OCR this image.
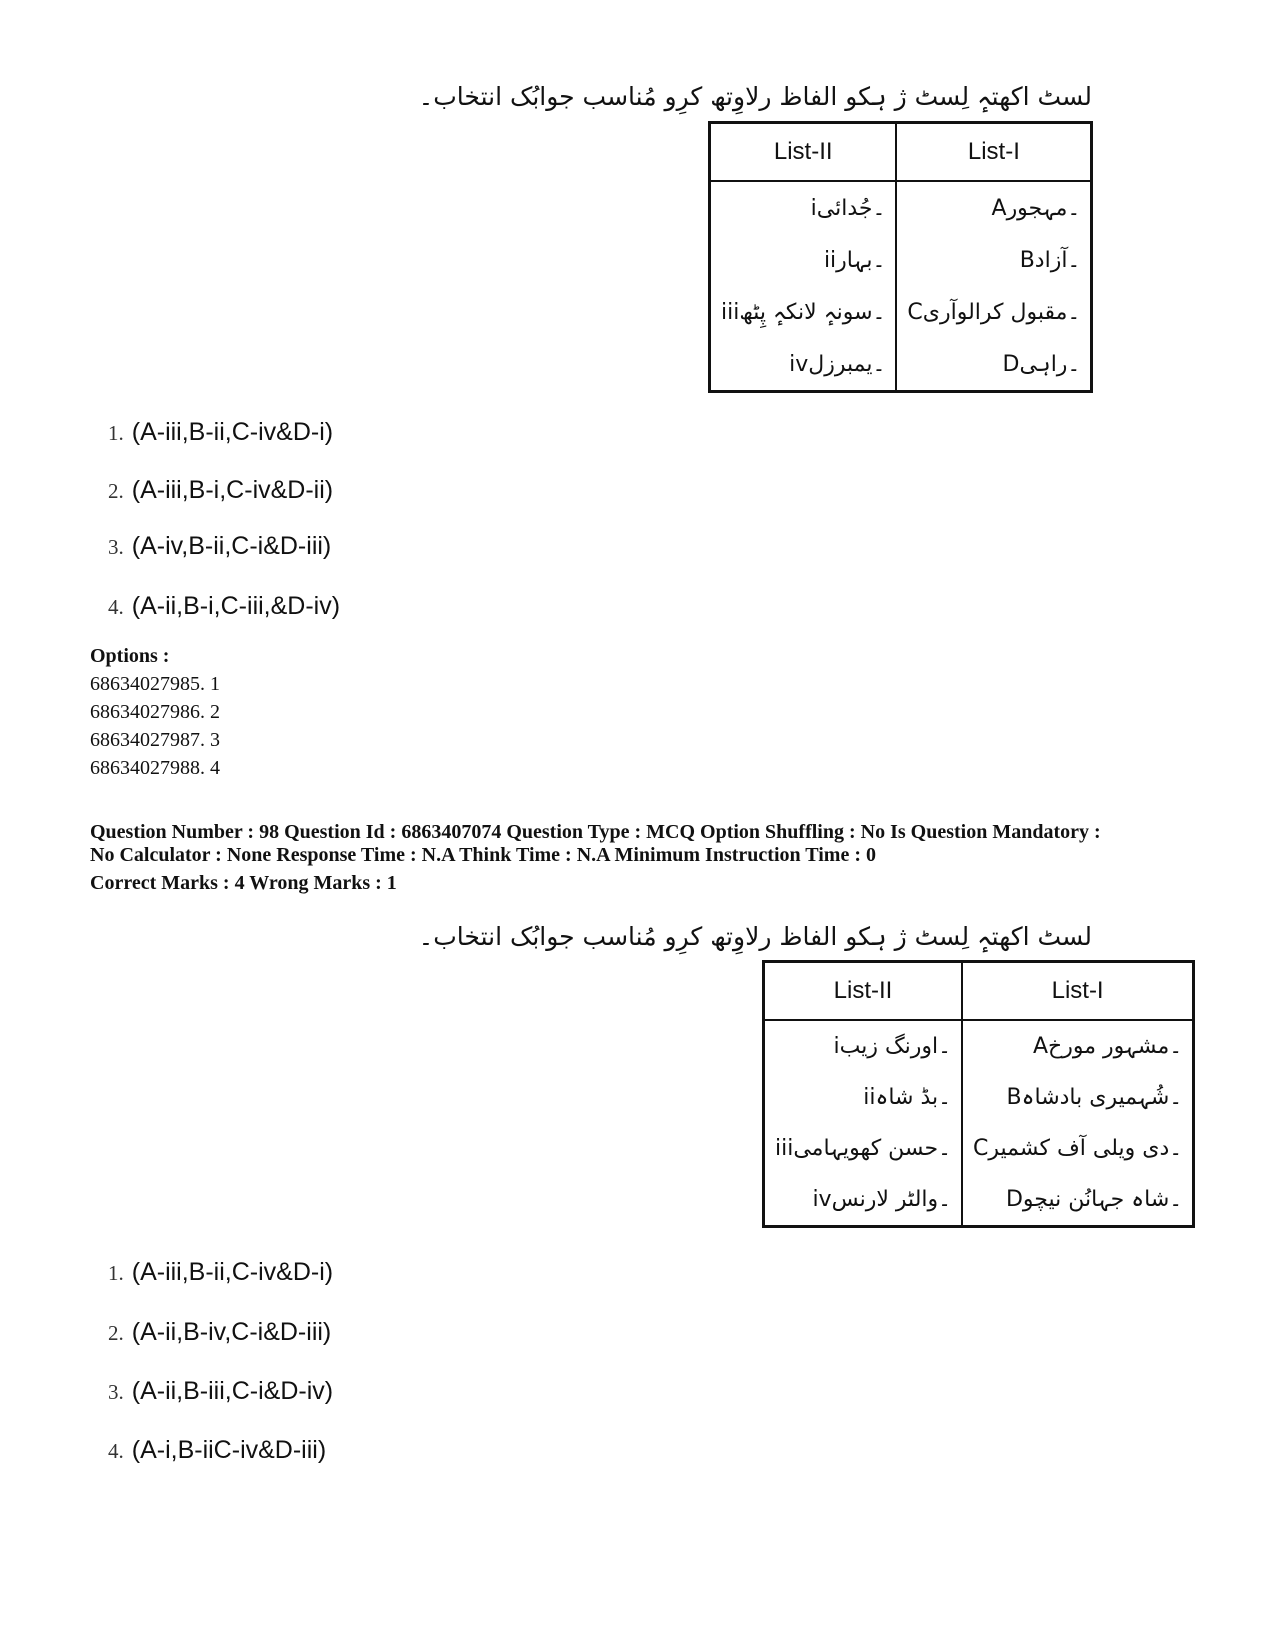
لسٹ اکھتہٕ لِسٹ ژ ہکو الفاظ رلاوِتھ کرِو مُناسب جوابُک انتخاب۔
List-II	List-I
i۔جُدائی	A۔مہجور
ii۔بہار	B۔آزاد
iii۔سونہٕ لانکہٕ پِٹھ	C۔مقبول کرالوآری
iv۔یمبرزل	D۔راہی
1. (A-iii,B-ii,C-iv&D-i)
2. (A-iii,B-i,C-iv&D-ii)
3. (A-iv,B-ii,C-i&D-iii)
4. (A-ii,B-i,C-iii,&D-iv)
Options :
68634027985. 1
68634027986. 2
68634027987. 3
68634027988. 4
Question Number : 98 Question Id : 6863407074 Question Type : MCQ Option Shuffling : No Is Question Mandatory :
No Calculator : None Response Time : N.A Think Time : N.A Minimum Instruction Time : 0
Correct Marks : 4 Wrong Marks : 1
لسٹ اکھتہٕ لِسٹ ژ ہکو الفاظ رلاوِتھ کرِو مُناسب جوابُک انتخاب۔
List-II	List-I
i۔اورنگ زیب	A۔مشہور مورخ
ii۔بڈ شاہ	B۔شُہمیری بادشاہ
iii۔حسن کھویہامی	C۔دی ویلی آف کشمیر
iv۔والٹر لارنس	D۔شاہ جہانُن نیچو
1. (A-iii,B-ii,C-iv&D-i)
2. (A-ii,B-iv,C-i&D-iii)
3. (A-ii,B-iii,C-i&D-iv)
4. (A-i,B-iiC-iv&D-iii)
